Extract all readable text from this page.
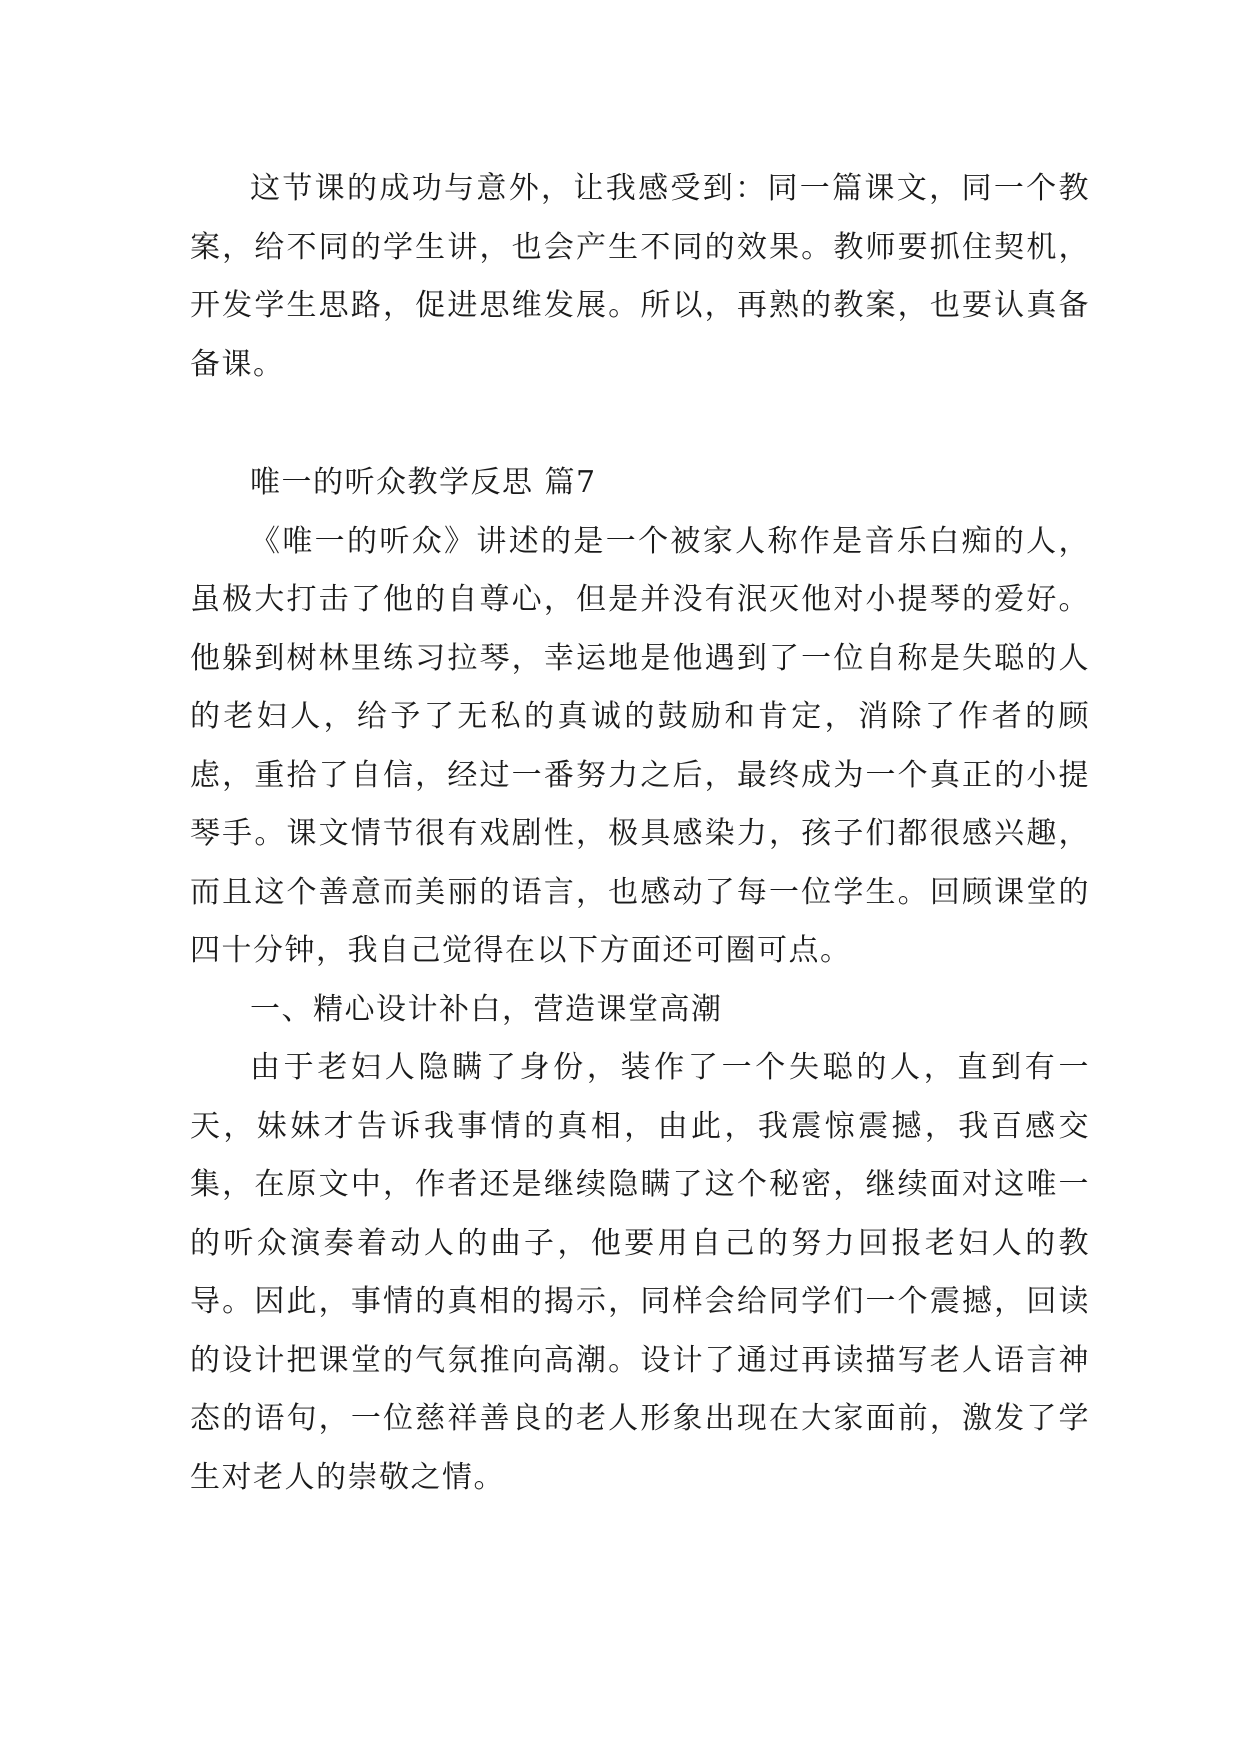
这节课的成功与意外，让我感受到：同一篇课文，同一个教案，给不同的学生讲，也会产生不同的效果。教师要抓住契机，开发学生思路，促进思维发展。所以，再熟的教案，也要认真备备课。

唯一的听众教学反思 篇7

《唯一的听众》讲述的是一个被家人称作是音乐白痴的人，虽极大打击了他的自尊心，但是并没有泯灭他对小提琴的爱好。他躲到树林里练习拉琴，幸运地是他遇到了一位自称是失聪的人的老妇人，给予了无私的真诚的鼓励和肯定，消除了作者的顾虑，重拾了自信，经过一番努力之后，最终成为一个真正的小提琴手。课文情节很有戏剧性，极具感染力，孩子们都很感兴趣，而且这个善意而美丽的语言，也感动了每一位学生。回顾课堂的四十分钟，我自己觉得在以下方面还可圈可点。

一、精心设计补白，营造课堂高潮

由于老妇人隐瞒了身份，装作了一个失聪的人，直到有一天，妹妹才告诉我事情的真相，由此，我震惊震撼，我百感交集，在原文中，作者还是继续隐瞒了这个秘密，继续面对这唯一的听众演奏着动人的曲子，他要用自己的努力回报老妇人的教导。因此，事情的真相的揭示，同样会给同学们一个震撼，回读的设计把课堂的气氛推向高潮。设计了通过再读描写老人语言神态的语句，一位慈祥善良的老人形象出现在大家面前，激发了学生对老人的崇敬之情。
